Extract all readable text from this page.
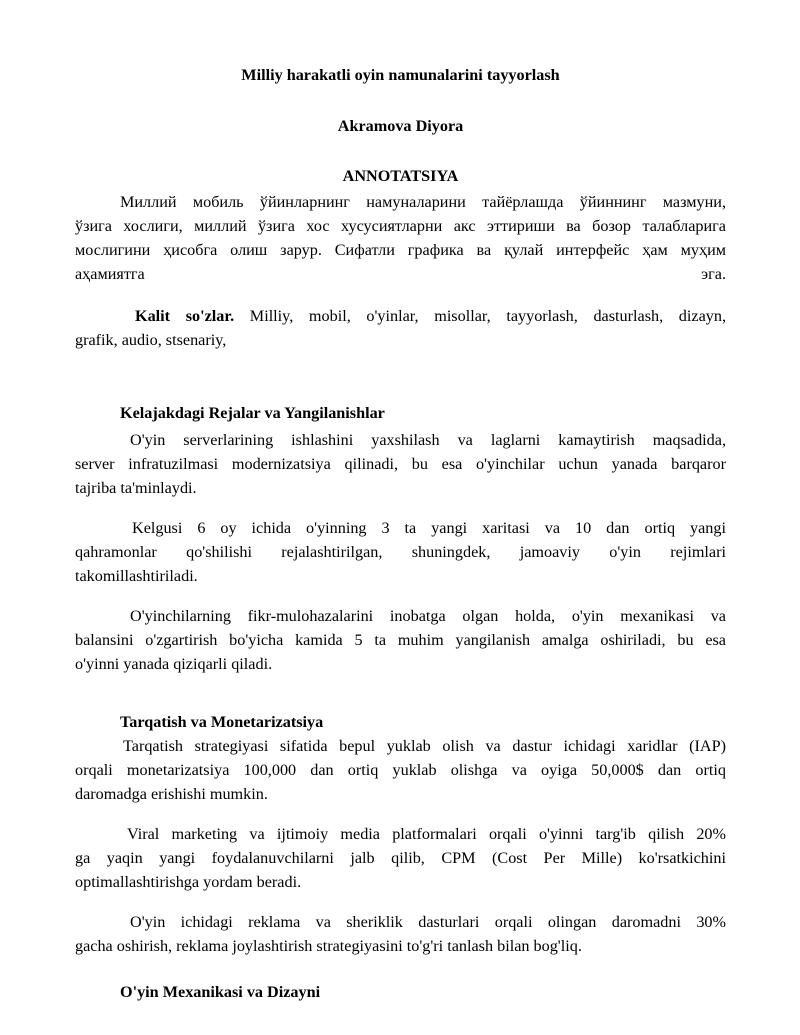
Milliy harakatli oyin namunalarini tayyorlash
Akramova Diyora
ANNOTATSIYA
Миллий мобиль ўйинларнинг намуналарини тайёрлашда ўйиннинг мазмуни,
ўзига хослиги, миллий ўзига хос хусусиятларни акс эттириши ва бозор талабларига
мослигини ҳисобга олиш зарур. Сифатли графика ва қулай интерфейс ҳам муҳим
аҳамиятга	эга.
Kalit so'zlar. Milliy, mobil, o'yinlar, misollar, tayyorlash, dasturlash, dizayn,
grafik, audio, stsenariy,
Kelajakdagi Rejalar va Yangilanishlar
O'yin serverlarining ishlashini yaxshilash va laglarni kamaytirish maqsadida,
server infratuzilmasi modernizatsiya qilinadi, bu esa o'yinchilar uchun yanada barqaror
tajriba ta'minlaydi.
Kelgusi 6 oy ichida o'yinning 3 ta yangi xaritasi va 10 dan ortiq yangi
qahramonlar qo'shilishi rejalashtirilgan, shuningdek, jamoaviy o'yin rejimlari
takomillashtiriladi.
O'yinchilarning fikr-mulohazalarini inobatga olgan holda, o'yin mexanikasi va
balansini o'zgartirish bo'yicha kamida 5 ta muhim yangilanish amalga oshiriladi, bu esa
o'yinni yanada qiziqarli qiladi.
Tarqatish va Monetarizatsiya
Tarqatish strategiyasi sifatida bepul yuklab olish va dastur ichidagi xaridlar (IAP)
orqali monetarizatsiya 100,000 dan ortiq yuklab olishga va oyiga 50,000$ dan ortiq
daromadga erishishi mumkin.
Viral marketing va ijtimoiy media platformalari orqali o'yinni targ'ib qilish 20%
ga yaqin yangi foydalanuvchilarni jalb qilib, CPM (Cost Per Mille) ko'rsatkichini
optimallashtirishga yordam beradi.
O'yin ichidagi reklama va sheriklik dasturlari orqali olingan daromadni 30%
gacha oshirish, reklama joylashtirish strategiyasini to'g'ri tanlash bilan bog'liq.
O'yin Mexanikasi va Dizayni
